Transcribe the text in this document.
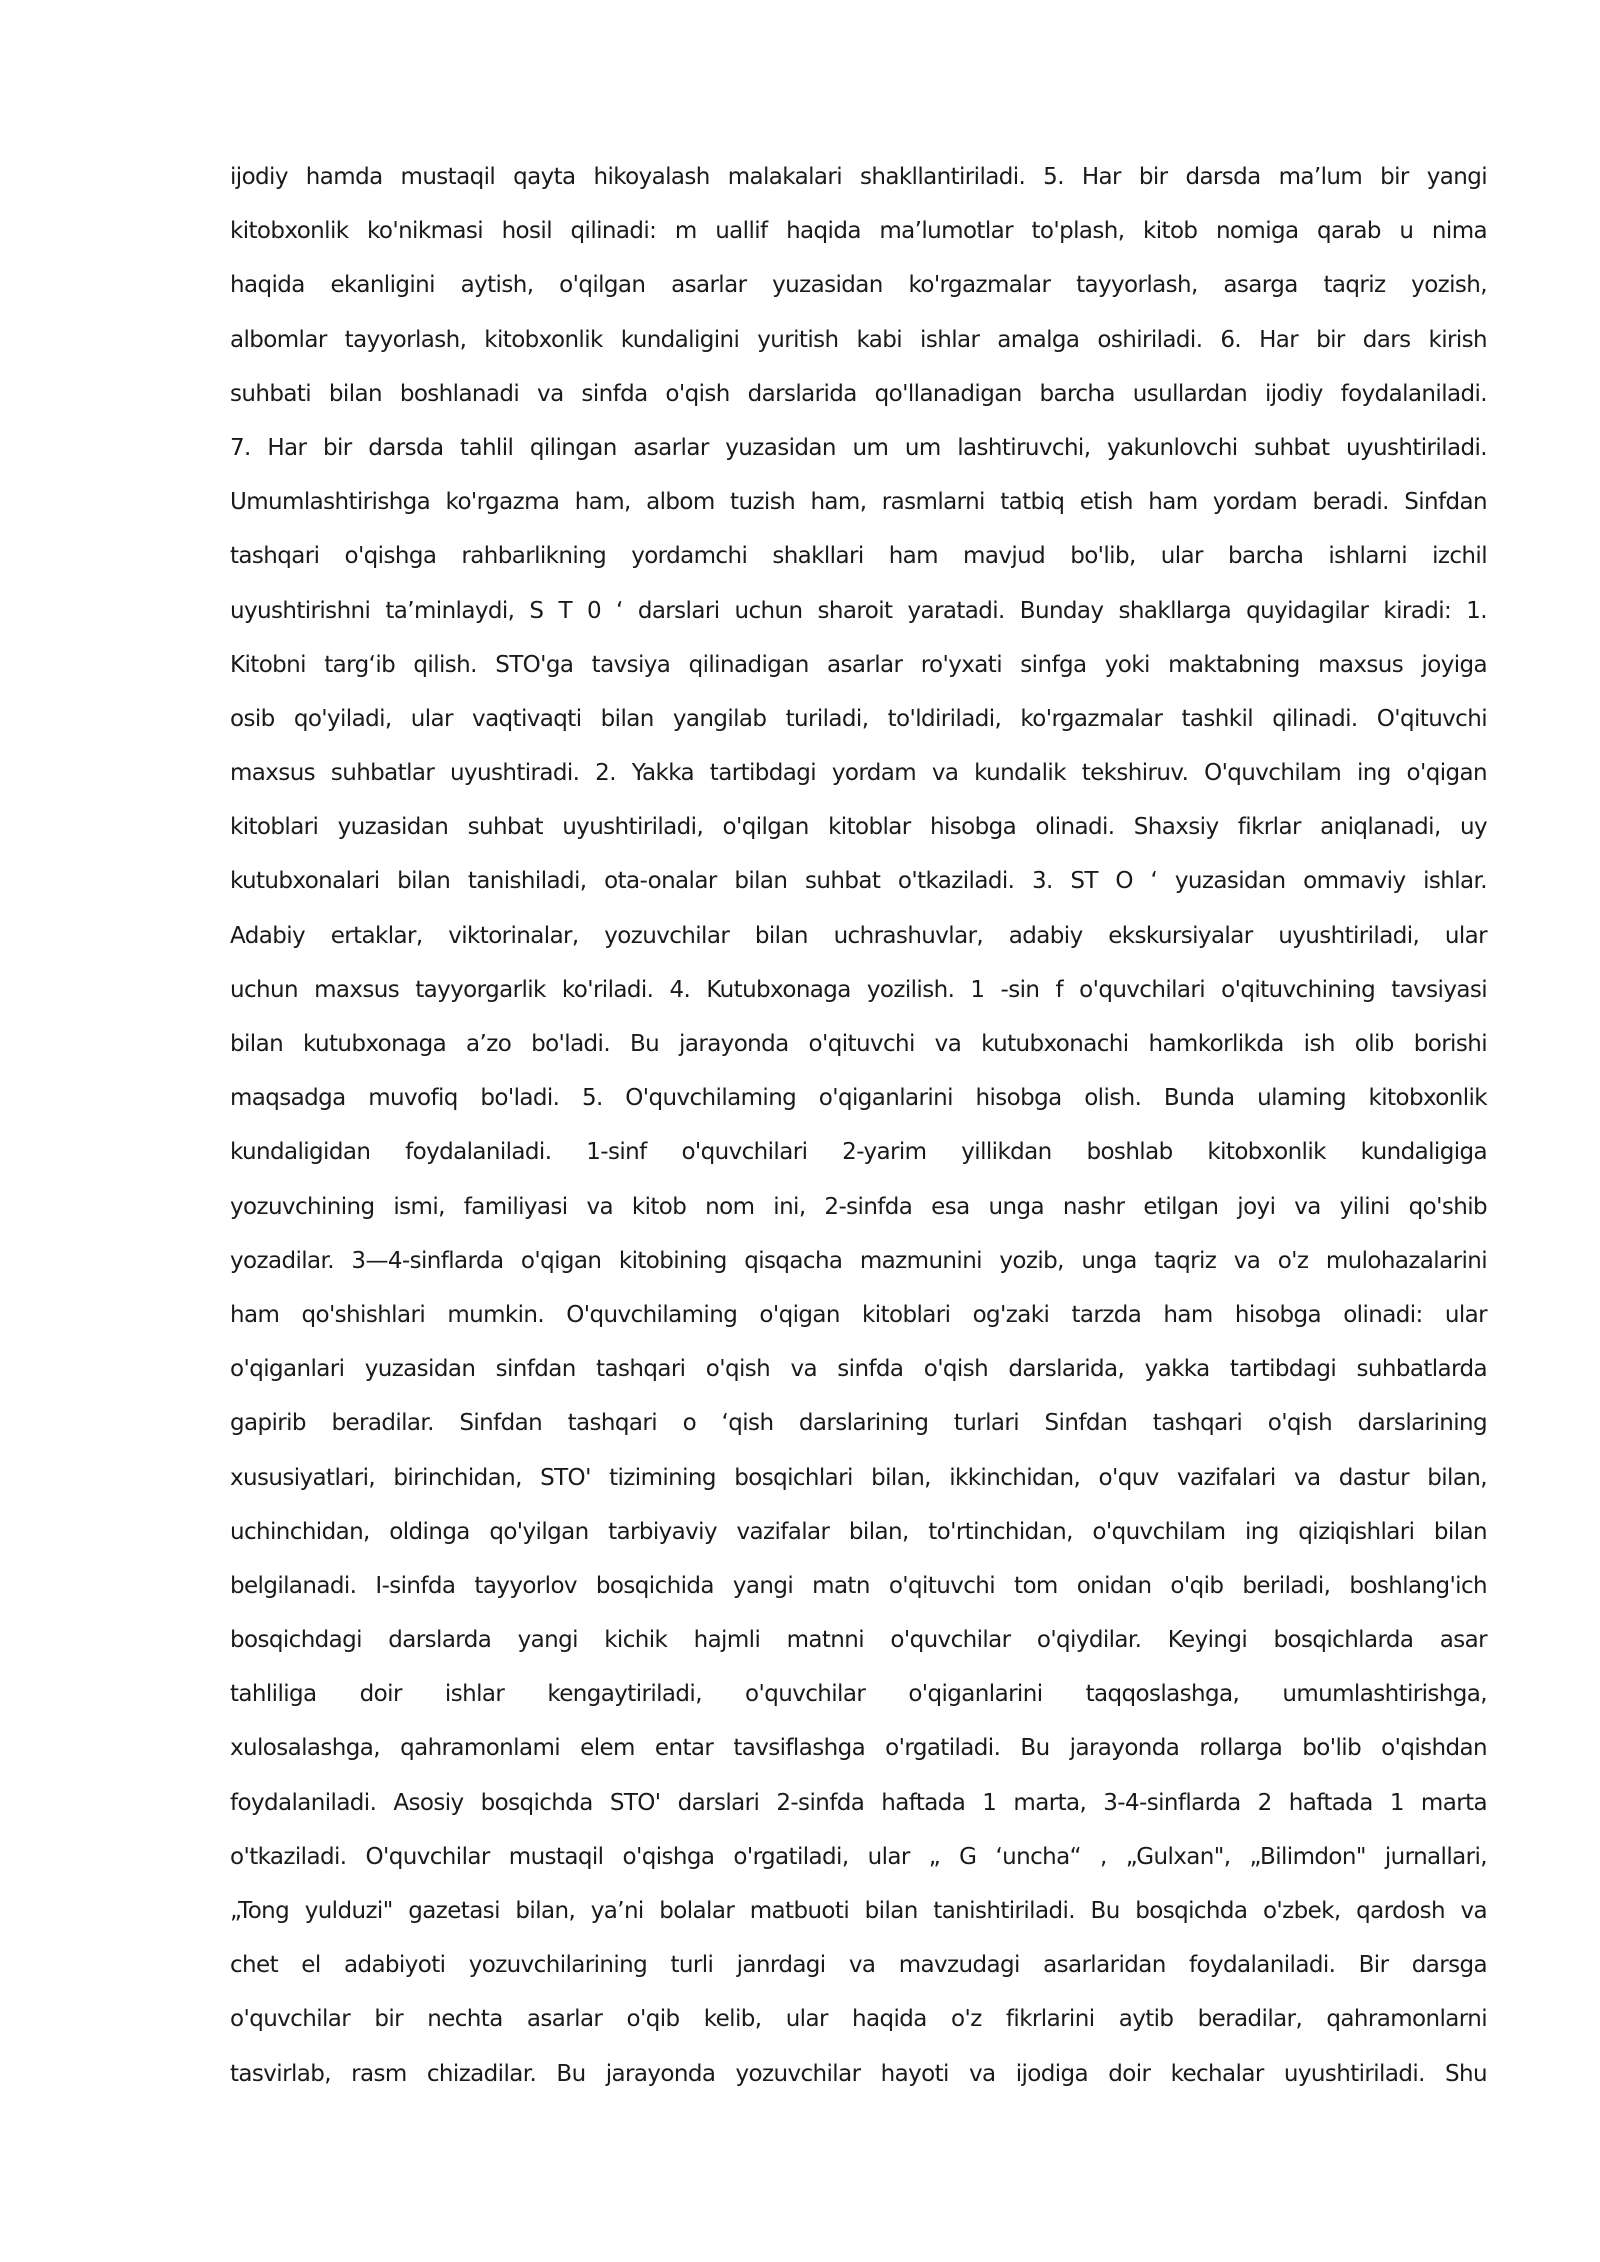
ijodiy hamda mustaqil qayta hikoyalash malakalari shakllantiriladi. 5. Har bir darsda ma’lum bir yangi
kitobxonlik ko'nikmasi hosil qilinadi: m uallif haqida ma’lumotlar to'plash, kitob nomiga qarab u nima
haqida ekanligini aytish, o'qilgan asarlar yuzasidan ko'rgazmalar tayyorlash, asarga taqriz yozish,
albomlar tayyorlash, kitobxonlik kundaligini yuritish kabi ishlar amalga oshiriladi. 6. Har bir dars kirish
suhbati bilan boshlanadi va sinfda o'qish darslarida qo'llanadigan barcha usullardan ijodiy foydalaniladi.
7. Har bir darsda tahlil qilingan asarlar yuzasidan um um lashtiruvchi, yakunlovchi suhbat uyushtiriladi.
Umumlashtirishga ko'rgazma ham, albom tuzish ham, rasmlarni tatbiq etish ham yordam beradi. Sinfdan
tashqari o'qishga rahbarlikning yordamchi shakllari ham mavjud bo'lib, ular barcha ishlarni izchil
uyushtirishni ta’minlaydi, S T 0 ‘ darslari uchun sharoit yaratadi. Bunday shakllarga quyidagilar kiradi: 1.
Kitobni targ‘ib qilish. STO'ga tavsiya qilinadigan asarlar ro'yxati sinfga yoki maktabning maxsus joyiga
osib qo'yiladi, ular vaqtivaqti bilan yangilab turiladi, to'ldiriladi, ko'rgazmalar tashkil qilinadi. O'qituvchi
maxsus suhbatlar uyushtiradi. 2. Yakka tartibdagi yordam va kundalik tekshiruv. O'quvchilam ing o'qigan
kitoblari yuzasidan suhbat uyushtiriladi, o'qilgan kitoblar hisobga olinadi. Shaxsiy fikrlar aniqlanadi, uy
kutubxonalari bilan tanishiladi, ota-onalar bilan suhbat o'tkaziladi. 3. ST O ‘ yuzasidan ommaviy ishlar.
Adabiy ertaklar, viktorinalar, yozuvchilar bilan uchrashuvlar, adabiy ekskursiyalar uyushtiriladi, ular
uchun maxsus tayyorgarlik ko'riladi. 4. Kutubxonaga yozilish. 1 -sin f o'quvchilari o'qituvchining tavsiyasi
bilan kutubxonaga a’zo bo'ladi. Bu jarayonda o'qituvchi va kutubxonachi hamkorlikda ish olib borishi
maqsadga muvofiq bo'ladi. 5. O'quvchilaming o'qiganlarini hisobga olish. Bunda ulaming kitobxonlik
kundaligidan foydalaniladi. 1-sinf o'quvchilari 2-yarim yillikdan boshlab kitobxonlik kundaligiga
yozuvchining ismi, familiyasi va kitob nom ini, 2-sinfda esa unga nashr etilgan joyi va yilini qo'shib
yozadilar. 3—4-sinflarda o'qigan kitobining qisqacha mazmunini yozib, unga taqriz va o'z mulohazalarini
ham qo'shishlari mumkin. O'quvchilaming o'qigan kitoblari og'zaki tarzda ham hisobga olinadi: ular
o'qiganlari yuzasidan sinfdan tashqari o'qish va sinfda o'qish darslarida, yakka tartibdagi suhbatlarda
gapirib beradilar. Sinfdan tashqari o ‘qish darslarining turlari Sinfdan tashqari o'qish darslarining
xususiyatlari, birinchidan, STO' tizimining bosqichlari bilan, ikkinchidan, o'quv vazifalari va dastur bilan,
uchinchidan, oldinga qo'yilgan tarbiyaviy vazifalar bilan, to'rtinchidan, o'quvchilam ing qiziqishlari bilan
belgilanadi. I-sinfda tayyorlov bosqichida yangi matn o'qituvchi tom onidan o'qib beriladi, boshlang'ich
bosqichdagi darslarda yangi kichik hajmli matnni o'quvchilar o'qiydilar. Keyingi bosqichlarda asar
tahliliga doir ishlar kengaytiriladi, o'quvchilar o'qiganlarini taqqoslashga, umumlashtirishga,
xulosalashga, qahramonlami elem entar tavsiflashga o'rgatiladi. Bu jarayonda rollarga bo'lib o'qishdan
foydalaniladi. Asosiy bosqichda STO' darslari 2-sinfda haftada 1 marta, 3-4-sinflarda 2 haftada 1 marta
o'tkaziladi. O'quvchilar mustaqil o'qishga o'rgatiladi, ular „ G ‘uncha“ , „Gulxan", „Bilimdon" jurnallari,
„Tong yulduzi" gazetasi bilan, ya’ni bolalar matbuoti bilan tanishtiriladi. Bu bosqichda o'zbek, qardosh va
chet el adabiyoti yozuvchilarining turli janrdagi va mavzudagi asarlaridan foydalaniladi. Bir darsga
o'quvchilar bir nechta asarlar o'qib kelib, ular haqida o'z fikrlarini aytib beradilar, qahramonlarni
tasvirlab, rasm chizadilar. Bu jarayonda yozuvchilar hayoti va ijodiga doir kechalar uyushtiriladi. Shu
